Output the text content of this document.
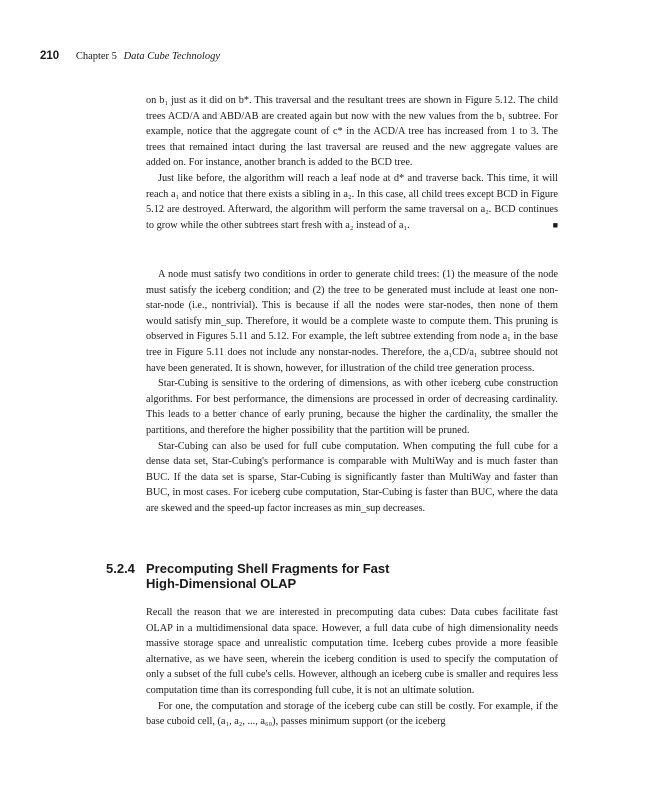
210 Chapter 5 Data Cube Technology

on b₁ just as it did on b*. This traversal and the resultant trees are shown in Figure 5.12. The child trees ACD/A and ABD/AB are created again but now with the new values from the b₁ subtree. For example, notice that the aggregate count of c* in the ACD/A tree has increased from 1 to 3. The trees that remained intact during the last traversal are reused and the new aggregate values are added on. For instance, another branch is added to the BCD tree.

Just like before, the algorithm will reach a leaf node at d* and traverse back. This time, it will reach a₁ and notice that there exists a sibling in a₂. In this case, all child trees except BCD in Figure 5.12 are destroyed. Afterward, the algorithm will perform the same traversal on a₂. BCD continues to grow while the other subtrees start fresh with a₂ instead of a₁.	■

A node must satisfy two conditions in order to generate child trees: (1) the measure of the node must satisfy the iceberg condition; and (2) the tree to be generated must include at least one non-star-node (i.e., nontrivial). This is because if all the nodes were star-nodes, then none of them would satisfy min_sup. Therefore, it would be a complete waste to compute them. This pruning is observed in Figures 5.11 and 5.12. For example, the left subtree extending from node a₁ in the base tree in Figure 5.11 does not include any nonstar-nodes. Therefore, the a₁CD/a₁ subtree should not have been generated. It is shown, however, for illustration of the child tree generation process.

Star-Cubing is sensitive to the ordering of dimensions, as with other iceberg cube construction algorithms. For best performance, the dimensions are processed in order of decreasing cardinality. This leads to a better chance of early pruning, because the higher the cardinality, the smaller the partitions, and therefore the higher possibility that the partition will be pruned.

Star-Cubing can also be used for full cube computation. When computing the full cube for a dense data set, Star-Cubing's performance is comparable with MultiWay and is much faster than BUC. If the data set is sparse, Star-Cubing is significantly faster than MultiWay and faster than BUC, in most cases. For iceberg cube computation, Star-Cubing is faster than BUC, where the data are skewed and the speed-up factor increases as min_sup decreases.

5.2.4 Precomputing Shell Fragments for Fast
High-Dimensional OLAP

Recall the reason that we are interested in precomputing data cubes: Data cubes facilitate fast OLAP in a multidimensional data space. However, a full data cube of high dimensionality needs massive storage space and unrealistic computation time. Iceberg cubes provide a more feasible alternative, as we have seen, wherein the iceberg condition is used to specify the computation of only a subset of the full cube's cells. However, although an iceberg cube is smaller and requires less computation time than its corresponding full cube, it is not an ultimate solution.

For one, the computation and storage of the iceberg cube can still be costly. For example, if the base cuboid cell, (a₁, a₂, ..., a₆₀), passes minimum support (or the iceberg
